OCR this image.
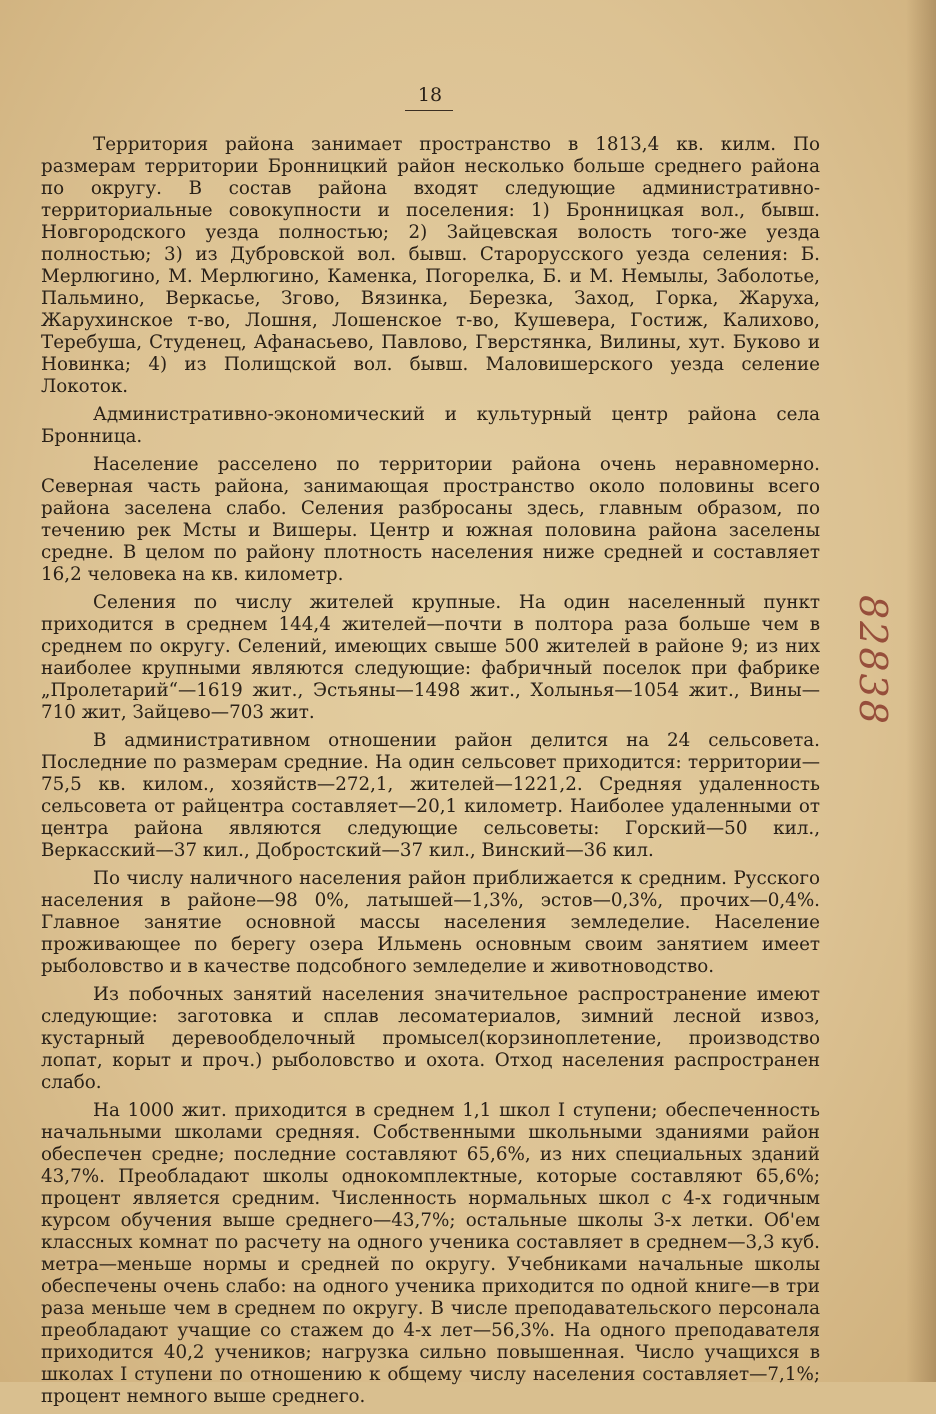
18

Территория района занимает пространство в 1813,4 кв. килм. По размерам территории Бронницкий район несколько больше среднего района по округу. В состав района входят следующие административно- территориальные совокупности и поселения: 1) Бронницкая вол., бывш. Новгородского уезда полностью; 2) Зайцевская волость того-же уезда полностью; 3) из Дубровской вол. бывш. Старорусского уезда селения: Б. Мерлюгино, М. Мерлюгино, Каменка, Погорелка, Б. и М. Немылы, Заболотье, Пальмино, Веркасье, Згово, Вязинка, Березка, Заход, Горка, Жаруха, Жарухинское т-во, Лошня, Лошенское т-во, Кушевера, Гостиж, Калихово, Теребуша, Студенец, Афанасьево, Павлово, Гверстянка, Вилины, хут. Буково и Новинка; 4) из Полищской вол. бывш. Маловишерского уезда селение Локоток.

Административно-экономический и культурный центр района села Бронница.

Население расселено по территории района очень неравномерно. Северная часть района, занимающая пространство около половины всего района заселена слабо. Селения разбросаны здесь, главным образом, по течению рек Мсты и Вишеры. Центр и южная половина района заселены средне. В целом по району плотность населения ниже средней и составляет 16,2 человека на кв. километр.

Селения по числу жителей крупные. На один населенный пункт приходится в среднем 144,4 жителей—почти в полтора раза больше чем в среднем по округу. Селений, имеющих свыше 500 жителей в районе 9; из них наиболее крупными являются следующие: фабричный поселок при фабрике „Пролетарий“—1619 жит., Эстьяны—1498 жит., Холынья—1054 жит., Вины—710 жит, Зайцево—703 жит.

В административном отношении район делится на 24 сельсовета. Последние по размерам средние. На один сельсовет приходится: территории—75,5 кв. килом., хозяйств—272,1, жителей—1221,2. Средняя удаленность сельсовета от райцентра составляет—20,1 километр. Наиболее удаленными от центра района являются следующие сельсоветы: Горский—50 кил., Веркасский—37 кил., Добростский—37 кил., Винский—36 кил.

По числу наличного населения район приближается к средним. Русского населения в районе—98 0%, латышей—1,3%, эстов—0,3%, прочих—0,4%. Главное занятие основной массы населения земледелие. Население проживающее по берегу озера Ильмень основным своим занятием имеет рыболовство и в качестве подсобного земледелие и животноводство.

Из побочных занятий населения значительное распространение имеют следующие: заготовка и сплав лесоматериалов, зимний лесной извоз, кустарный деревообделочный промысел(корзиноплетение, производство лопат, корыт и проч.) рыболовство и охота. Отход населения распространен слабо.

На 1000 жит. приходится в среднем 1,1 школ I ступени; обеспеченность начальными школами средняя. Собственными школьными зданиями район обеспечен средне; последние составляют 65,6%, из них специальных зданий 43,7%. Преобладают школы однокомплектные, которые составляют 65,6%; процент является средним. Численность нормальных школ с 4-х годичным курсом обучения выше среднего—43,7%; остальные школы 3-х летки. Об'ем классных комнат по расчету на одного ученика составляет в среднем—3,3 куб. метра—меньше нормы и средней по округу. Учебниками начальные школы обеспечены очень слабо: на одного ученика приходится по одной книге—в три раза меньше чем в среднем по округу. В числе преподавательского персонала преобладают учащие со стажем до 4-х лет—56,3%. На одного преподавателя приходится 40,2 учеников; нагрузка сильно повышенная. Число учащихся в школах I ступени по отношению к общему числу населения составляет—7,1%; процент немного выше среднего.

82838
